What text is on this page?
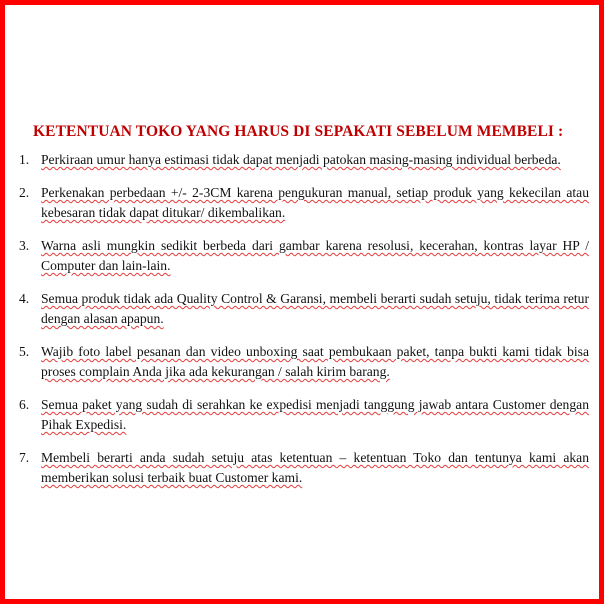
KETENTUAN TOKO YANG HARUS DI SEPAKATI SEBELUM MEMBELI :
1. Perkiraan umur hanya estimasi tidak dapat menjadi patokan masing-masing individual berbeda.
2. Perkenakan perbedaan +/- 2-3CM karena pengukuran manual, setiap produk yang kekecilan atau kebesaran tidak dapat ditukar/ dikembalikan.
3. Warna asli mungkin sedikit berbeda dari gambar karena resolusi, kecerahan, kontras layar HP / Computer dan lain-lain.
4. Semua produk tidak ada Quality Control & Garansi, membeli berarti sudah setuju, tidak terima retur dengan alasan apapun.
5. Wajib foto label pesanan dan video unboxing saat pembukaan paket, tanpa bukti kami tidak bisa proses complain Anda jika ada kekurangan / salah kirim barang.
6. Semua paket yang sudah di serahkan ke expedisi menjadi tanggung jawab antara Customer dengan Pihak Expedisi.
7. Membeli berarti anda sudah setuju atas ketentuan – ketentuan Toko dan tentunya kami akan memberikan solusi terbaik buat Customer kami.
